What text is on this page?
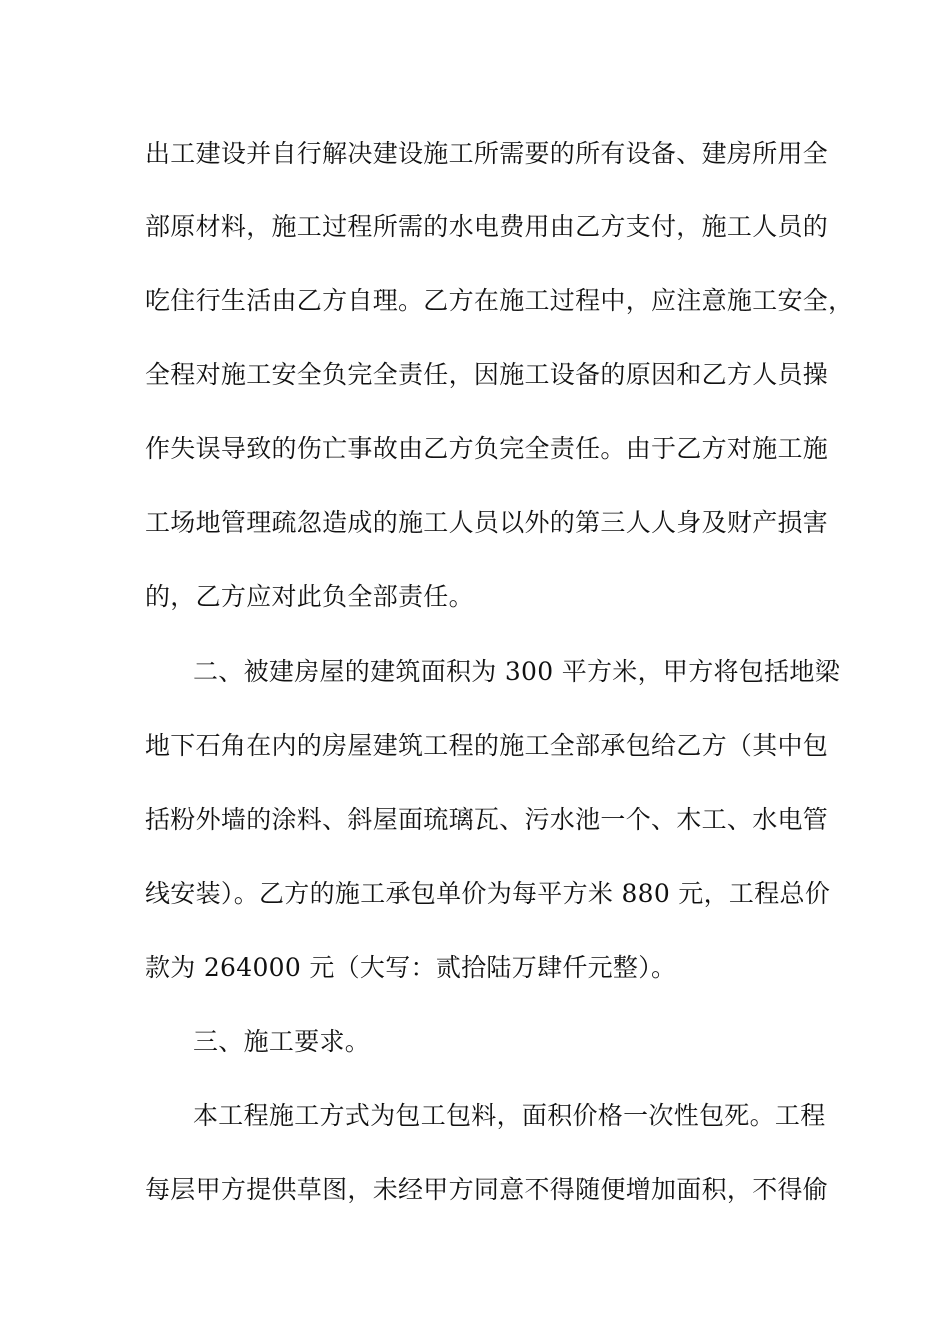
出工建设并自行解决建设施工所需要的所有设备、建房所用全
部原材料，施工过程所需的水电费用由乙方支付，施工人员的
吃住行生活由乙方自理。乙方在施工过程中，应注意施工安全，
全程对施工安全负完全责任，因施工设备的原因和乙方人员操
作失误导致的伤亡事故由乙方负完全责任。由于乙方对施工施
工场地管理疏忽造成的施工人员以外的第三人人身及财产损害
的，乙方应对此负全部责任。
二、被建房屋的建筑面积为 300 平方米，甲方将包括地梁
地下石角在内的房屋建筑工程的施工全部承包给乙方（其中包
括粉外墙的涂料、斜屋面琉璃瓦、污水池一个、木工、水电管
线安装）。乙方的施工承包单价为每平方米 880 元，工程总价
款为 264000 元（大写：贰拾陆万肆仟元整）。
三、施工要求。
本工程施工方式为包工包料，面积价格一次性包死。工程
每层甲方提供草图，未经甲方同意不得随便增加面积，不得偷
